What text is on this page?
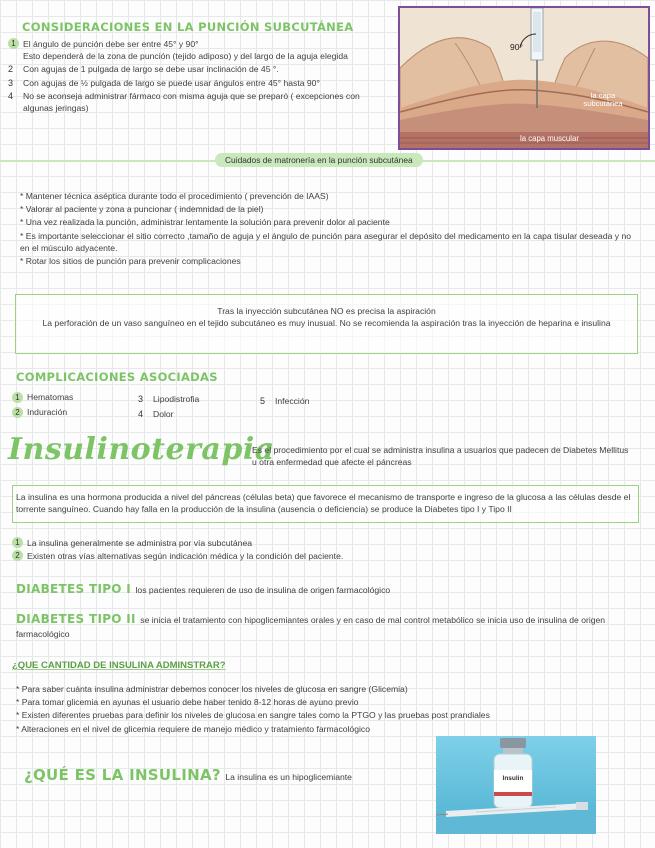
CONSIDERACIONES EN LA PUNCIÓN SUBCUTÁNEA
1 El ángulo de punción debe ser entre 45° y 90°
Esto dependerá de la zona de punción (tejido adiposo) y del largo de la aguja elegida
2	Con agujas de 1 pulgada de largo se debe usar inclinación de 45 °.
3	Con agujas de ½ pulgada de largo se puede usar ángulos entre 45° hasta 90°
4	No se aconseja administrar fármaco con misma aguja que se preparó ( excepciones con algunas jeringas)
90°
la capa subcutánea
la capa muscular
Cuidados de matronería en la punción subcutánea
* Mantener técnica aséptica durante todo el procedimiento ( prevención de IAAS)
* Valorar al paciente y zona a puncionar ( indemnidad de la piel)
* Una vez realizada la punción, administrar lentamente la solución para prevenir dolor al paciente
* Es importante seleccionar el sitio correcto ,tamaño de aguja y el ángulo de punción para asegurar el depósito del medicamento en la capa tisular deseada y no en el músculo adyacente.
* Rotar los sitios de punción para prevenir complicaciones
Tras la inyección subcutánea NO es precisa la aspiración
La perforación de un vaso sanguíneo en el tejido subcutáneo es muy inusual. No se recomienda la aspiración tras la inyección de heparina e insulina
COMPLICACIONES ASOCIADAS
1 Hematomas
2 Induración
3 Lipodistrofia
4 Dolor
5 Infección
Insulinoterapia
Es el procedimiento por el cual se administra insulina a usuarios que padecen de Diabetes Mellitus u otra enfermedad que afecte el páncreas
La insulina es una hormona producida a nivel del páncreas (células beta) que favorece el mecanismo de transporte e ingreso de la glucosa a las células desde el torrente sanguíneo. Cuando hay falla en la producción de la insulina (ausencia o deficiencia) se produce la Diabetes tipo I y Tipo II
1 La insulina generalmente se administra por vía subcutánea
2 Existen otras vías alternativas según indicación médica y la condición del paciente.
DIABETES TIPO I los pacientes requieren de uso de insulina de origen farmacológico
DIABETES TIPO II se inicia el tratamiento con hipoglicemiantes orales y en caso de mal control metabólico se inicia uso de insulina de origen farmacológico
¿QUE CANTIDAD DE INSULINA ADMINSTRAR?
* Para saber cuánta insulina administrar debemos conocer los niveles de glucosa en sangre (Glicemia)
* Para tomar glicemia en ayunas el usuario debe haber tenido 8-12 horas de ayuno previo
* Existen diferentes pruebas para definir los niveles de glucosa en sangre tales como la PTGO y las pruebas post prandiales
* Alteraciones en el nivel de glicemia requiere de manejo médico y tratamiento farmacológico
¿QUÉ ES LA INSULINA? La insulina es un hipoglicemiante	Insulin
